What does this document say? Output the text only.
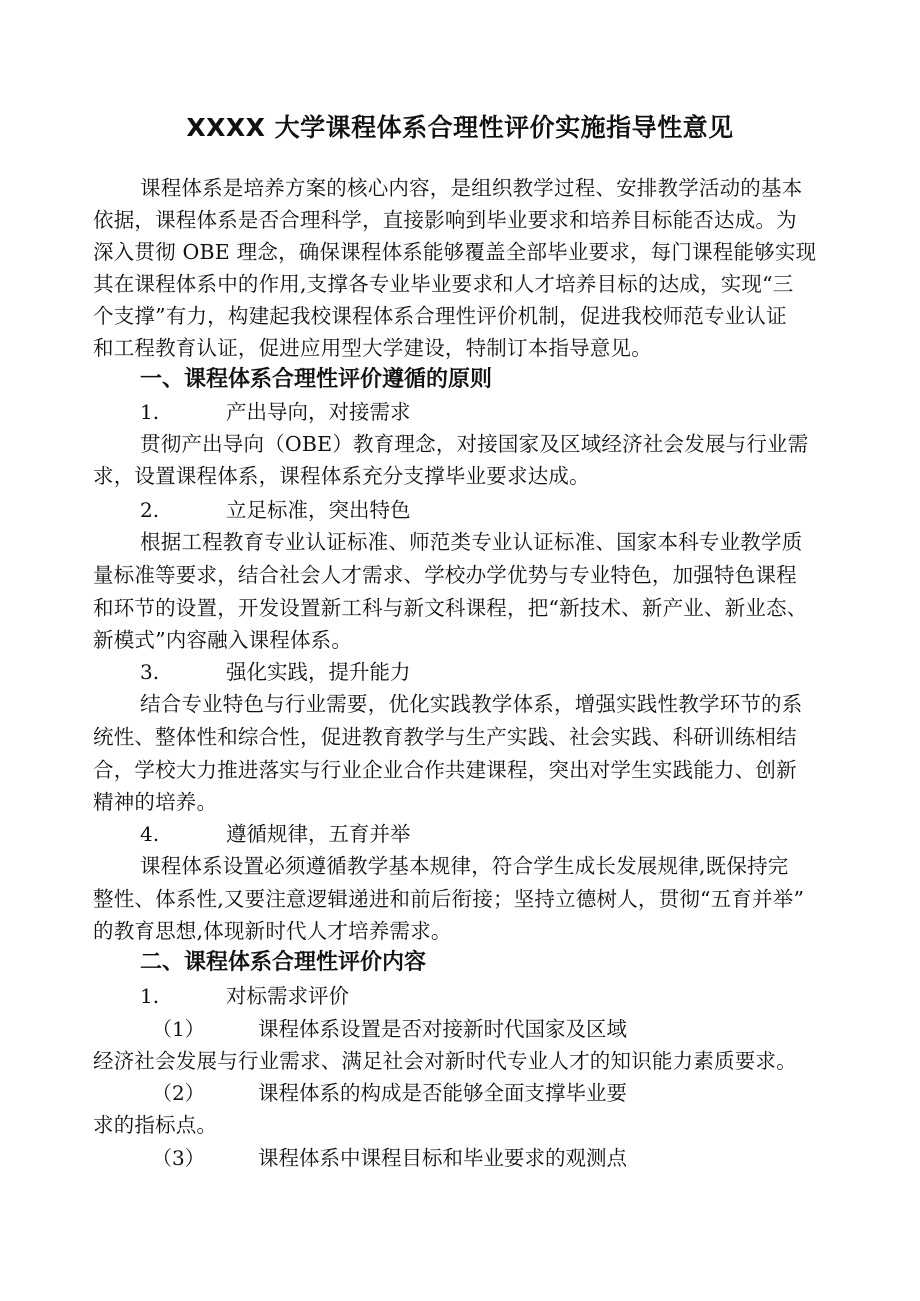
XXXX 大学课程体系合理性评价实施指导性意见
课程体系是培养方案的核心内容，是组织教学过程、安排教学活动的基本
依据，课程体系是否合理科学，直接影响到毕业要求和培养目标能否达成。为
深入贯彻 OBE 理念，确保课程体系能够覆盖全部毕业要求，每门课程能够实现
其在课程体系中的作用,支撑各专业毕业要求和人才培养目标的达成，实现“三
个支撑”有力，构建起我校课程体系合理性评价机制，促进我校师范专业认证
和工程教育认证，促进应用型大学建设，特制订本指导意见。
一、课程体系合理性评价遵循的原则
1.	产出导向，对接需求
贯彻产出导向（OBE）教育理念，对接国家及区域经济社会发展与行业需
求，设置课程体系，课程体系充分支撑毕业要求达成。
2.	立足标准，突出特色
根据工程教育专业认证标准、师范类专业认证标准、国家本科专业教学质
量标准等要求，结合社会人才需求、学校办学优势与专业特色，加强特色课程
和环节的设置，开发设置新工科与新文科课程，把“新技术、新产业、新业态、
新模式”内容融入课程体系。
3.	强化实践，提升能力
结合专业特色与行业需要，优化实践教学体系，增强实践性教学环节的系
统性、整体性和综合性，促进教育教学与生产实践、社会实践、科研训练相结
合，学校大力推进落实与行业企业合作共建课程，突出对学生实践能力、创新
精神的培养。
4.	遵循规律，五育并举
课程体系设置必须遵循教学基本规律，符合学生成长发展规律,既保持完
整性、体系性,又要注意逻辑递进和前后衔接；坚持立德树人，贯彻“五育并举”
的教育思想,体现新时代人才培养需求。
二、课程体系合理性评价内容
1.	对标需求评价
（1）	课程体系设置是否对接新时代国家及区域
经济社会发展与行业需求、满足社会对新时代专业人才的知识能力素质要求。
（2）	课程体系的构成是否能够全面支撑毕业要
求的指标点。
（3）	课程体系中课程目标和毕业要求的观测点
